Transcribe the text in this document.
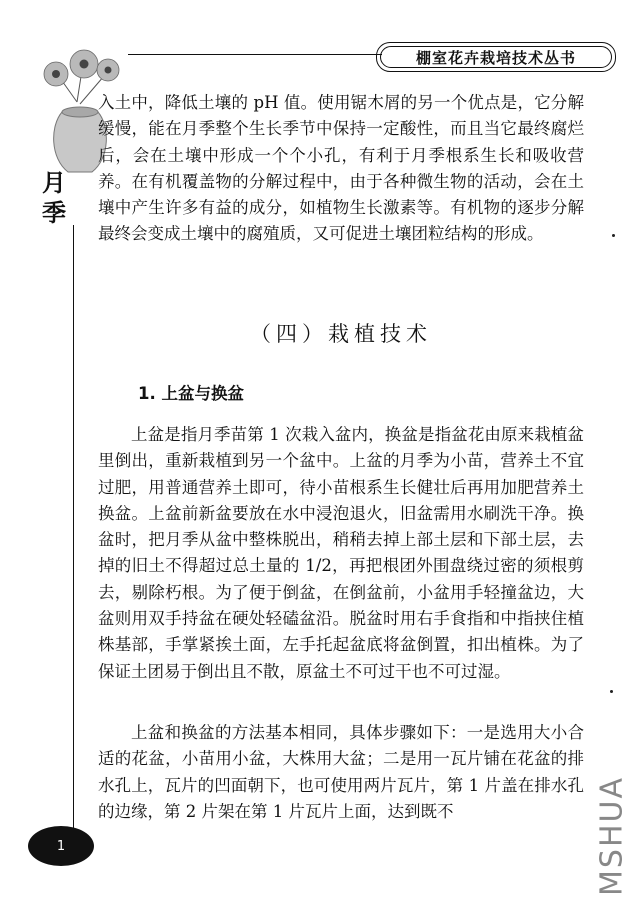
棚室花卉栽培技术丛书
月
季

入土中，降低土壤的 pH 值。使用锯木屑的另一个优点是，它分解缓慢，能在月季整个生长季节中保持一定酸性，而且当它最终腐烂后，会在土壤中形成一个个小孔，有利于月季根系生长和吸收营养。在有机覆盖物的分解过程中，由于各种微生物的活动，会在土壤中产生许多有益的成分，如植物生长激素等。有机物的逐步分解最终会变成土壤中的腐殖质，又可促进土壤团粒结构的形成。

（四）栽植技术
1. 上盆与换盆

上盆是指月季苗第 1 次栽入盆内，换盆是指盆花由原来栽植盆里倒出，重新栽植到另一个盆中。上盆的月季为小苗，营养土不宜过肥，用普通营养土即可，待小苗根系生长健壮后再用加肥营养土换盆。上盆前新盆要放在水中浸泡退火，旧盆需用水刷洗干净。换盆时，把月季从盆中整株脱出，稍稍去掉上部土层和下部土层，去掉的旧土不得超过总土量的 1/2，再把根团外围盘绕过密的须根剪去，剔除朽根。为了便于倒盆，在倒盆前，小盆用手轻撞盆边，大盆则用双手持盆在硬处轻磕盆沿。脱盆时用右手食指和中指挟住植株基部，手掌紧挨土面，左手托起盆底将盆倒置，扣出植株。为了保证土团易于倒出且不散，原盆土不可过干也不可过湿。

上盆和换盆的方法基本相同，具体步骤如下：一是选用大小合适的花盆，小苗用小盆，大株用大盆；二是用一瓦片铺在花盆的排水孔上，瓦片的凹面朝下，也可使用两片瓦片，第 1 片盖在排水孔的边缘，第 2 片架在第 1 片瓦片上面，达到既不

1	MSHUA
